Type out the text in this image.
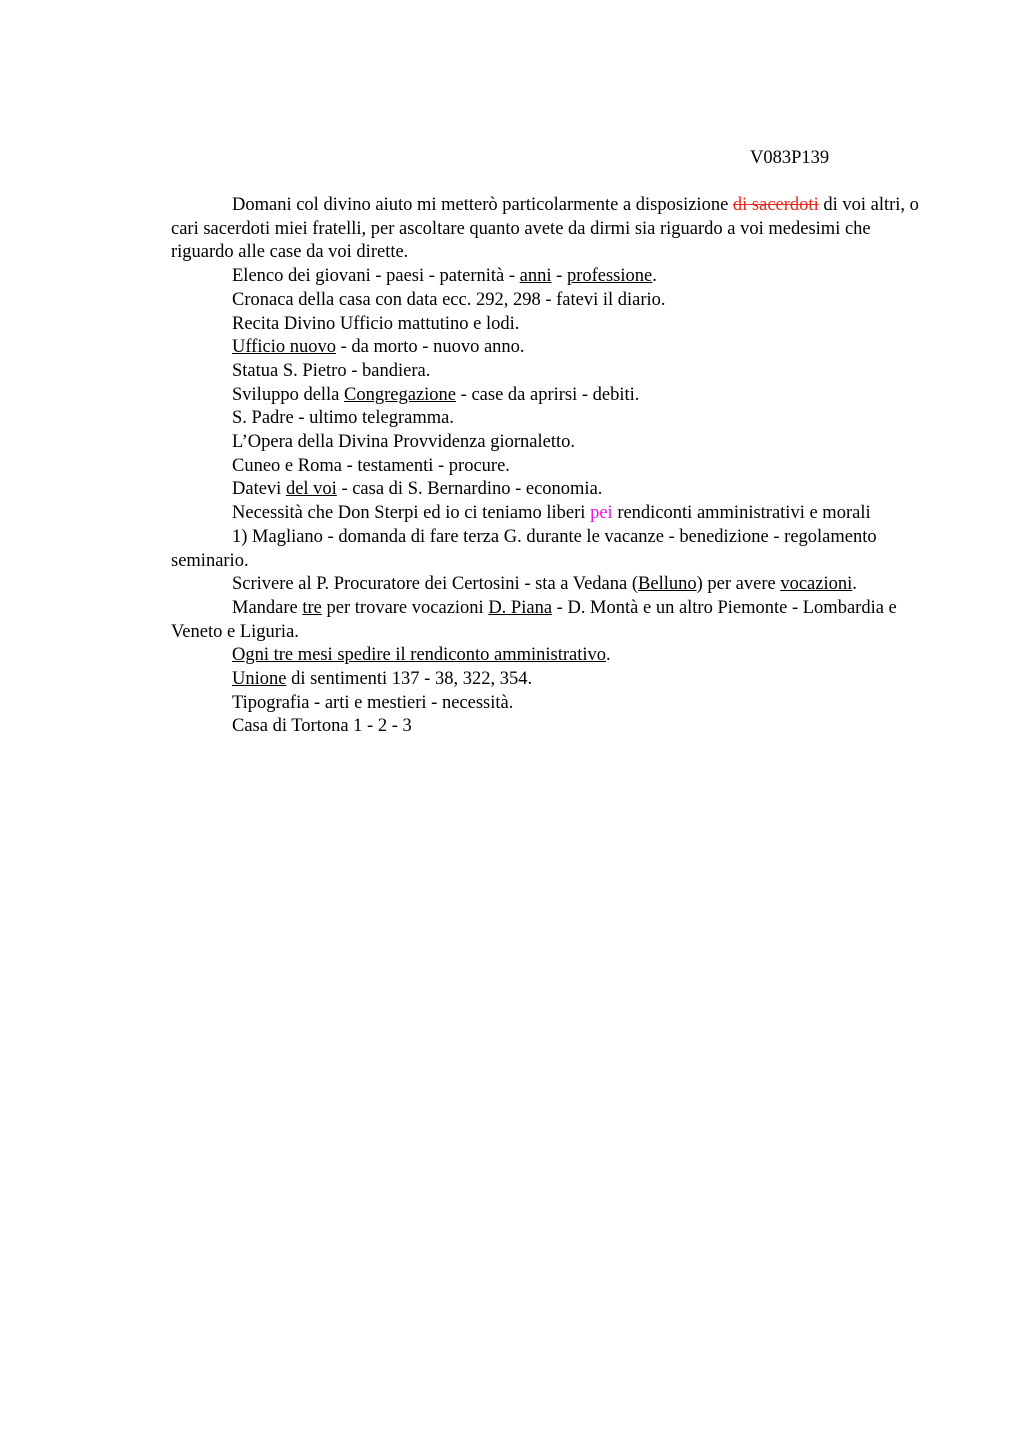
V083P139

Domani col divino aiuto mi metterò particolarmente a disposizione di sacerdoti di voi altri, o cari sacerdoti miei fratelli, per ascoltare quanto avete da dirmi sia riguardo a voi medesimi che riguardo alle case da voi dirette.

Elenco dei giovani - paesi - paternità - anni - professione.

Cronaca della casa con data ecc. 292, 298 - fatevi il diario.

Recita Divino Ufficio mattutino e lodi.

Ufficio nuovo - da morto - nuovo anno.

Statua S. Pietro - bandiera.

Sviluppo della Congregazione - case da aprirsi - debiti.

S. Padre - ultimo telegramma.

L’Opera della Divina Provvidenza giornaletto.

Cuneo e Roma - testamenti - procure.

Datevi del voi - casa di S. Bernardino - economia.

Necessità che Don Sterpi ed io ci teniamo liberi pei rendiconti amministrativi e morali

1) Magliano - domanda di fare terza G. durante le vacanze - benedizione - regolamento seminario.

Scrivere al P. Procuratore dei Certosini - sta a Vedana (Belluno) per avere vocazioni.

Mandare tre per trovare vocazioni D. Piana - D. Montà e un altro Piemonte - Lombardia e Veneto e Liguria.

Ogni tre mesi spedire il rendiconto amministrativo.

Unione di sentimenti 137 - 38, 322, 354.

Tipografia - arti e mestieri - necessità.

Casa di Tortona 1 - 2 - 3
